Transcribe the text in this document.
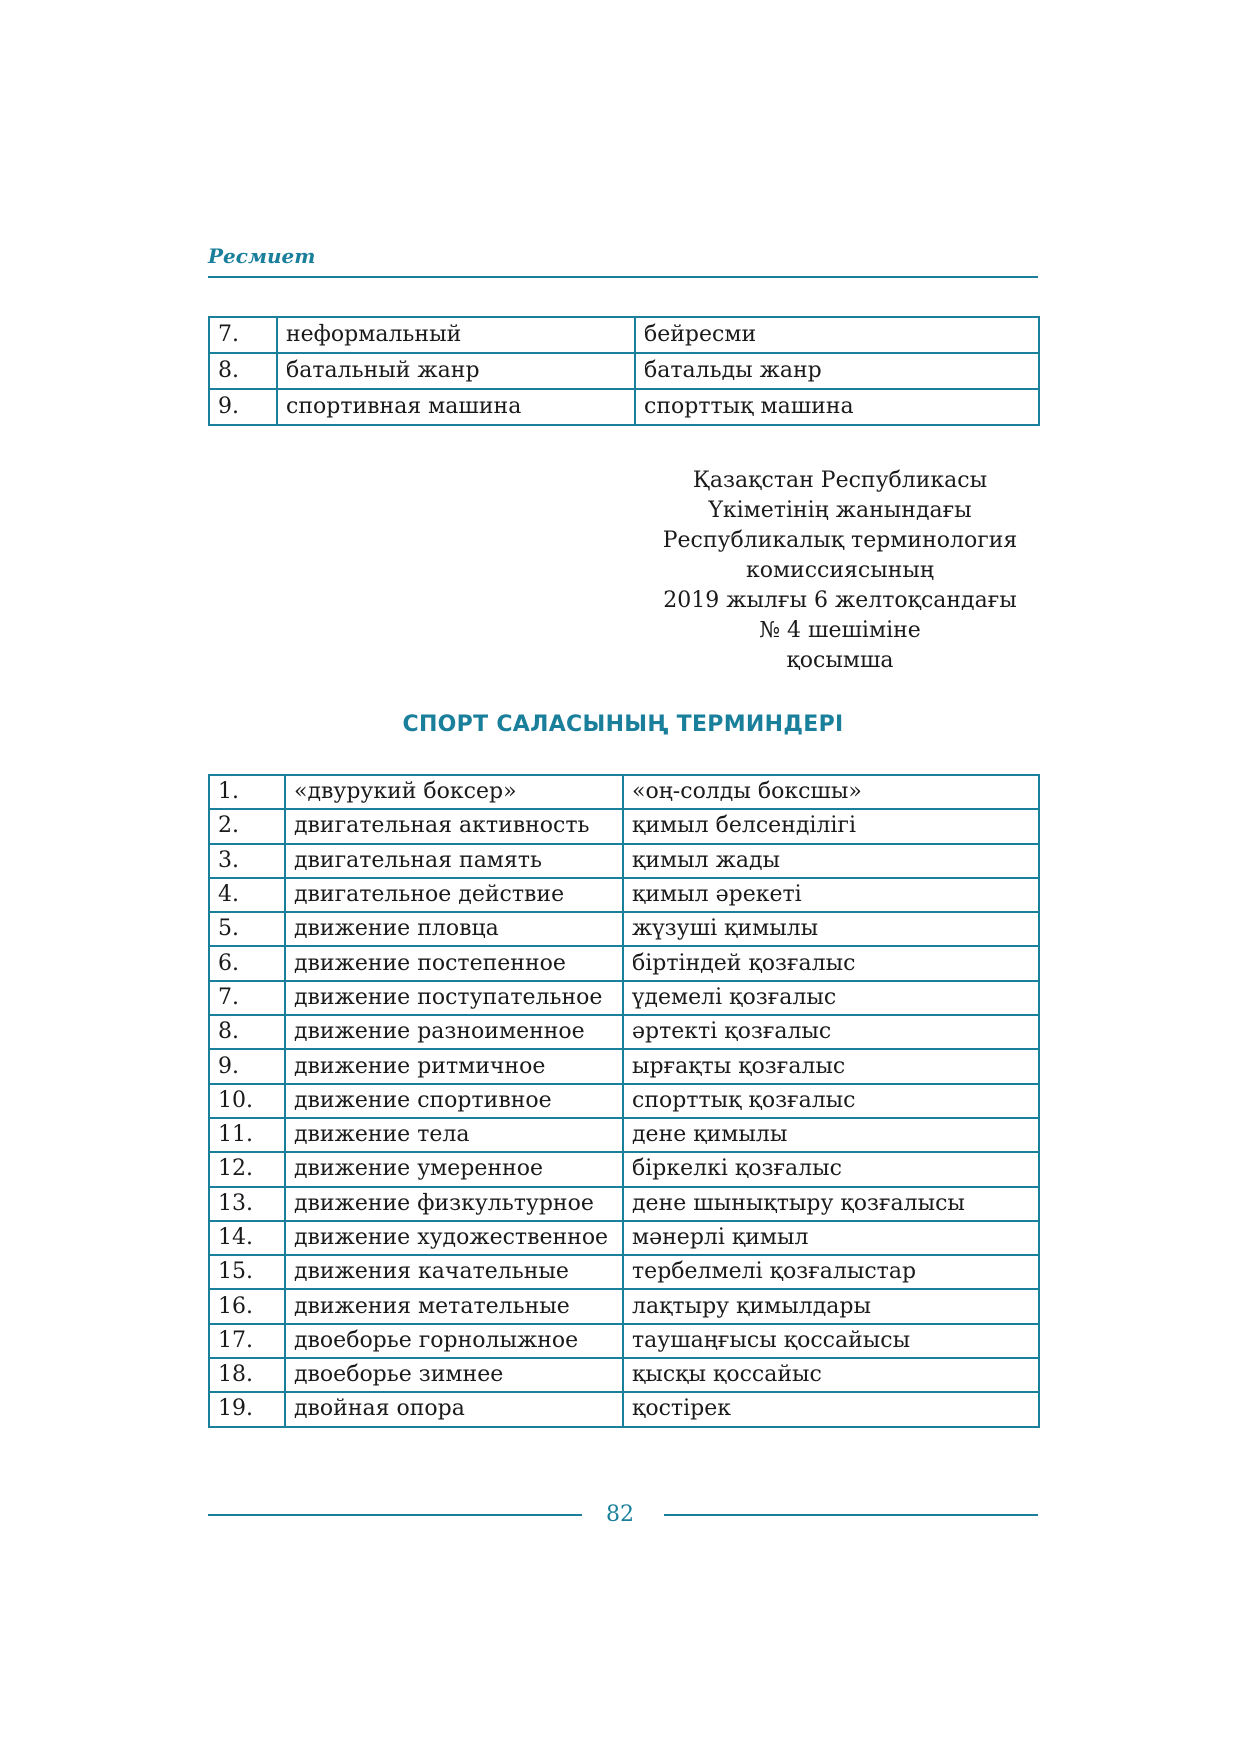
Ресмиет
7.	неформальный	бейресми
8.	батальный жанр	батальды жанр
9.	спортивная машина	спорттық машина
Қазақстан Республикасы
Үкіметінің жанындағы
Республикалық терминология
комиссиясының
2019 жылғы 6 желтоқсандағы
№ 4 шешіміне
қосымша
СПОРТ САЛАСЫНЫҢ ТЕРМИНДЕРІ
1.	«двурукий боксер»	«оң-солды боксшы»
2.	двигательная активность	қимыл белсенділігі
3.	двигательная память	қимыл жады
4.	двигательное действие	қимыл әрекеті
5.	движение пловца	жүзуші қимылы
6.	движение постепенное	біртіндей қозғалыс
7.	движение поступательное	үдемелі қозғалыс
8.	движение разноименное	әртекті қозғалыс
9.	движение ритмичное	ырғақты қозғалыс
10.	движение спортивное	спорттық қозғалыс
11.	движение тела	дене қимылы
12.	движение умеренное	біркелкі қозғалыс
13.	движение физкультурное	дене шынықтыру қозғалысы
14.	движение художественное	мәнерлі қимыл
15.	движения качательные	тербелмелі қозғалыстар
16.	движения метательные	лақтыру қимылдары
17.	двоеборье горнолыжное	таушаңғысы қоссайысы
18.	двоеборье зимнее	қысқы қоссайыс
19.	двойная опора	қостірек
82
